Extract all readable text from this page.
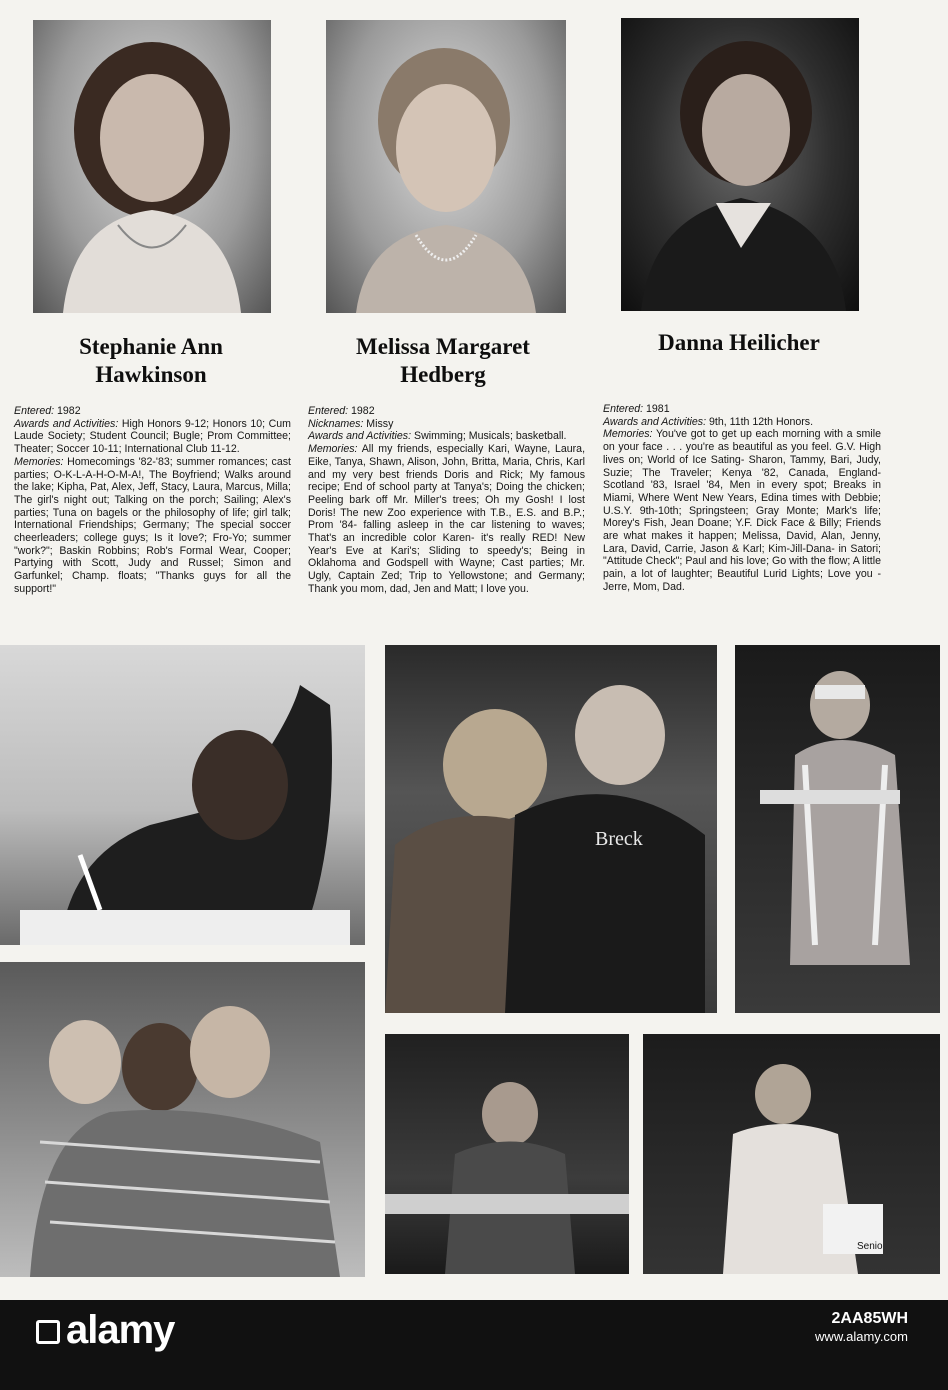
Stephanie Ann
Hawkinson
Melissa Margaret
Hedberg
Danna Heilicher

Entered: 1982

Awards and Activities: High Honors 9-12; Honors 10; Cum Laude Society; Student Council; Bugle; Prom Committee; Theater; Soccer 10-11; International Club 11-12.

Memories: Homecomings '82-'83; summer romances; cast parties; O-K-L-A-H-O-M-A!, The Boyfriend; Walks around the lake; Kipha, Pat, Alex, Jeff, Stacy, Laura, Marcus, Milla; The girl's night out; Talking on the porch; Sailing; Alex's parties; Tuna on bagels or the philosophy of life; girl talk; International Friendships; Germany; The special soccer cheerleaders; college guys; Is it love?; Fro-Yo; summer "work?"; Baskin Robbins; Rob's Formal Wear, Cooper; Partying with Scott, Judy and Russel; Simon and Garfunkel; Champ. floats; "Thanks guys for all the support!"

Entered: 1982

Nicknames: Missy

Awards and Activities: Swimming; Musicals; basketball.

Memories: All my friends, especially Kari, Wayne, Laura, Eike, Tanya, Shawn, Alison, John, Britta, Maria, Chris, Karl and my very best friends Doris and Rick; My famous recipe; End of school party at Tanya's; Doing the chicken; Peeling bark off Mr. Miller's trees; Oh my Gosh! I lost Doris! The new Zoo experience with T.B., E.S. and B.P.; Prom '84- falling asleep in the car listening to waves; That's an incredible color Karen- it's really RED! New Year's Eve at Kari's; Sliding to speedy's; Being in Oklahoma and Godspell with Wayne; Cast parties; Mr. Ugly, Captain Zed; Trip to Yellowstone; and Germany; Thank you mom, dad, Jen and Matt; I love you.

Entered: 1981

Awards and Activities: 9th, 11th 12th Honors.

Memories: You've got to get up each morning with a smile on your face . . . you're as beautiful as you feel. G.V. High lives on; World of Ice Sating- Sharon, Tammy, Bari, Judy, Suzie; The Traveler; Kenya '82, Canada, England- Scotland '83, Israel '84, Men in every spot; Breaks in Miami, Where Went New Years, Edina times with Debbie; U.S.Y. 9th-10th; Springsteen; Gray Monte; Mark's life; Morey's Fish, Jean Doane; Y.F. Dick Face & Billy; Friends are what makes it happen; Melissa, David, Alan, Jenny, Lara, David, Carrie, Jason & Karl; Kim-Jill-Dana- in Satori; "Attitude Check"; Paul and his love; Go with the flow; A little pain, a lot of laughter; Beautiful Lurid Lights; Love you - Jerre, Mom, Dad.

Breck
Senio
alamy	2AA85WH
www.alamy.com
